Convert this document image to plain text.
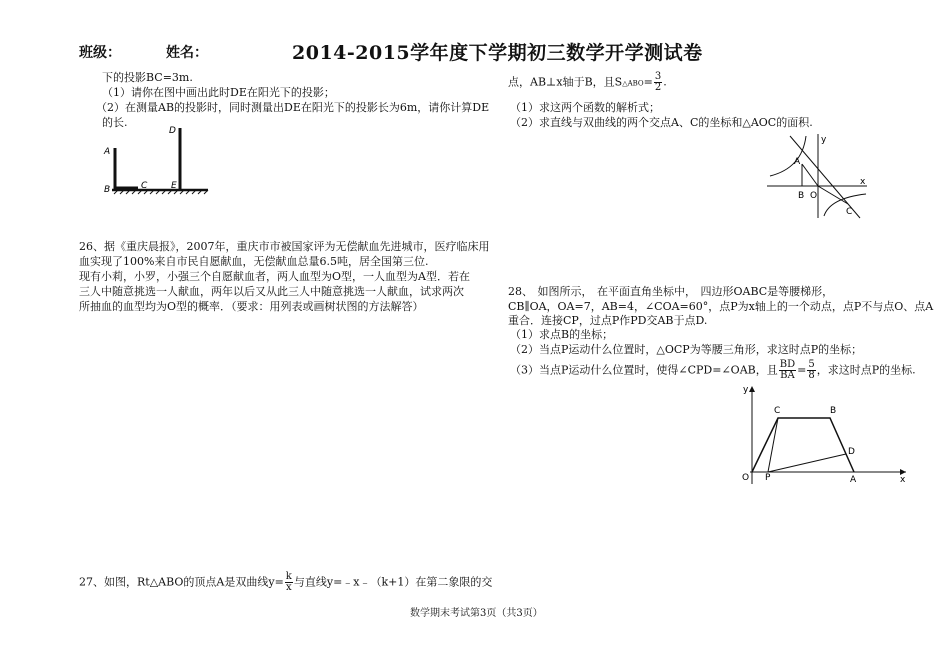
班级：	姓名：	2014-2015学年度下学期初三数学开学测试卷
下的投影BC=3m.
（1）请你在图中画出此时DE在阳光下的投影；
（2）在测量AB的投影时，同时测量出DE在阳光下的投影长为6m，请你计算DE
的长.
A
B	C
D
E
26、据《重庆晨报》，2007年，重庆市市被国家评为无偿献血先进城市，医疗临床用
血实现了100%来自市民自愿献血，无偿献血总量6.5吨，居全国第三位.
现有小莉，小罗，小强三个自愿献血者，两人血型为O型，一人血型为A型．若在
三人中随意挑选一人献血，两年以后又从此三人中随意挑选一人献血，试求两次
所抽血的血型均为O型的概率．（要求：用列表或画树状图的方法解答）
27、如图，Rt△ABO的顶点A是双曲线$y= \frac{k}{x}$ 与直线y=﹣x﹣（k+1）在第二象限的交
点，AB⊥x轴于B，且S△ABO= $\frac{3}{2}$ .
（1）求这两个函数的解析式；
（2）求直线与双曲线的两个交点A、C的坐标和△AOC的面积.
y
x
A
B O
C
28、 如图所示， 在平面直角坐标中， 四边形OABC是等腰梯形，
CB∥OA，OA=7，AB=4，∠COA=60°，点P为x轴上的一个动点，点P不与点O、点A
重合．连接CP，过点P作PD交AB于点D.
（1）求点B的坐标；
（2）当点P运动什么位置时，△OCP为等腰三角形，求这时点P的坐标；
（3）当点P运动什么位置时，使得∠CPD=∠OAB，且 $\frac{BD}{BA} = \frac{5}{8}$ ，求这时点P的坐标.
y
x
C	B
D
O P	A
数学期末考试第3页（共3页）
